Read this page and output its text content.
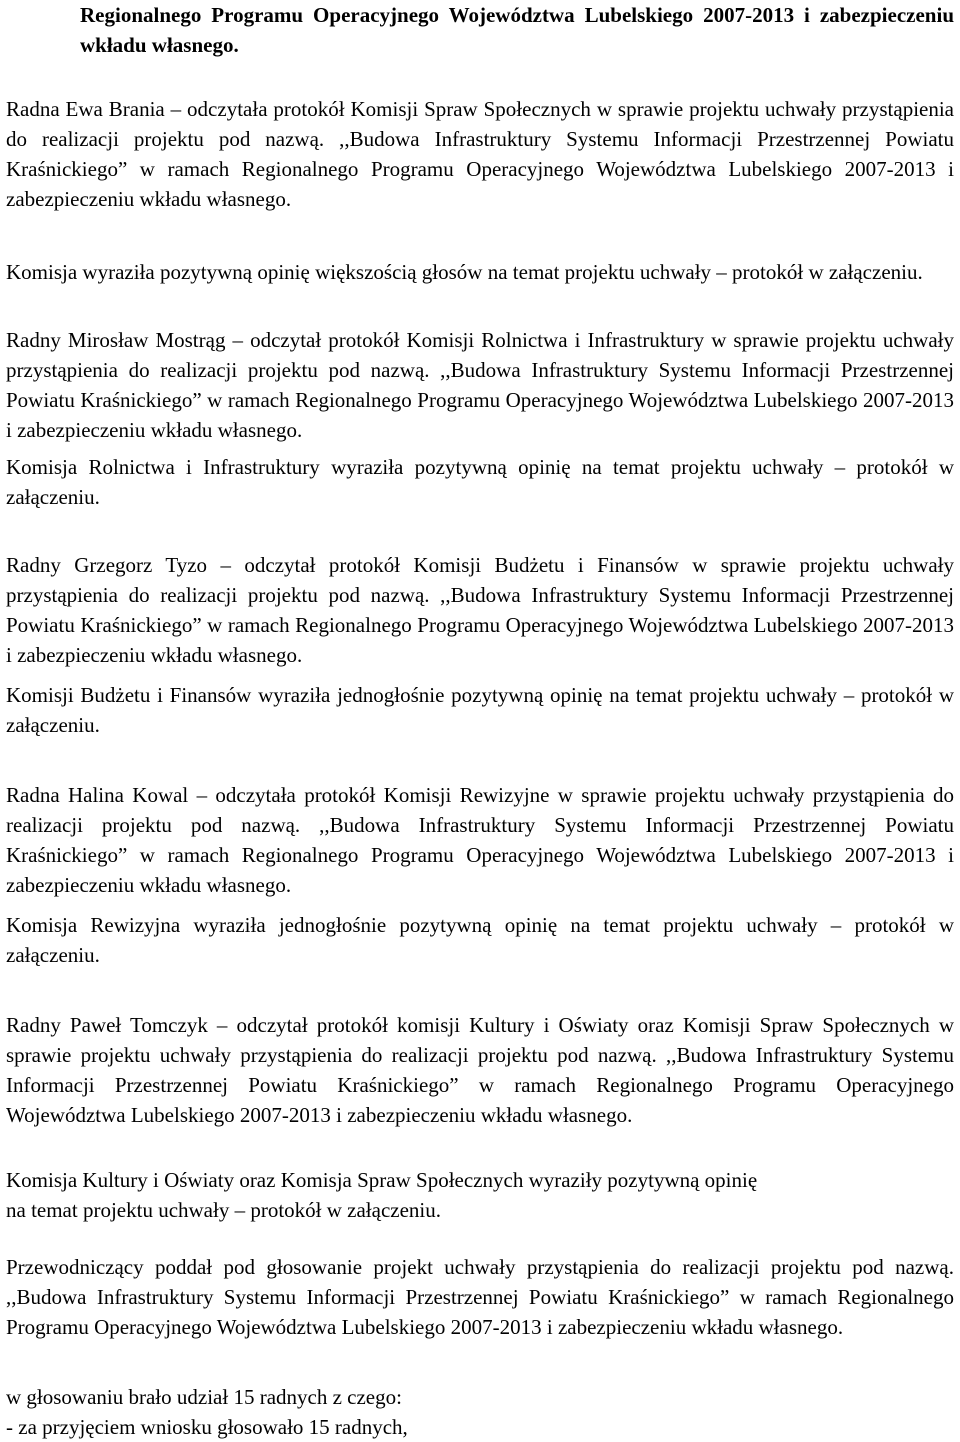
Regionalnego Programu Operacyjnego Województwa Lubelskiego 2007-2013 i zabezpieczeniu wkładu własnego.

Radna Ewa Brania – odczytała protokół Komisji Spraw Społecznych w sprawie projektu uchwały przystąpienia do realizacji projektu pod nazwą. ,,Budowa Infrastruktury Systemu Informacji Przestrzennej Powiatu Kraśnickiego” w ramach Regionalnego Programu Operacyjnego Województwa Lubelskiego 2007-2013 i zabezpieczeniu wkładu własnego.

Komisja wyraziła pozytywną opinię większością głosów na temat projektu uchwały – protokół w załączeniu.

Radny Mirosław Mostrąg – odczytał protokół Komisji Rolnictwa i Infrastruktury w sprawie projektu uchwały przystąpienia do realizacji projektu pod nazwą. ,,Budowa Infrastruktury Systemu Informacji Przestrzennej Powiatu Kraśnickiego” w ramach Regionalnego Programu Operacyjnego Województwa Lubelskiego 2007-2013 i zabezpieczeniu wkładu własnego.

Komisja Rolnictwa i Infrastruktury wyraziła pozytywną opinię na temat projektu uchwały – protokół w załączeniu.

Radny Grzegorz Tyzo – odczytał protokół Komisji Budżetu i Finansów w sprawie projektu uchwały przystąpienia do realizacji projektu pod nazwą. ,,Budowa Infrastruktury Systemu Informacji Przestrzennej Powiatu Kraśnickiego” w ramach Regionalnego Programu Operacyjnego Województwa Lubelskiego 2007-2013 i zabezpieczeniu wkładu własnego.

Komisji Budżetu i Finansów wyraziła jednogłośnie pozytywną opinię na temat projektu uchwały – protokół w załączeniu.

Radna Halina Kowal – odczytała protokół Komisji Rewizyjne w sprawie projektu uchwały przystąpienia do realizacji projektu pod nazwą. ,,Budowa Infrastruktury Systemu Informacji Przestrzennej Powiatu Kraśnickiego” w ramach Regionalnego Programu Operacyjnego Województwa Lubelskiego 2007-2013 i zabezpieczeniu wkładu własnego.

Komisja Rewizyjna wyraziła jednogłośnie pozytywną opinię na temat projektu uchwały – protokół w załączeniu.

Radny Paweł Tomczyk – odczytał protokół komisji Kultury i Oświaty oraz Komisji Spraw Społecznych w sprawie projektu uchwały przystąpienia do realizacji projektu pod nazwą. ,,Budowa Infrastruktury Systemu Informacji Przestrzennej Powiatu Kraśnickiego” w ramach Regionalnego Programu Operacyjnego Województwa Lubelskiego 2007-2013 i zabezpieczeniu wkładu własnego.

Komisja Kultury i Oświaty oraz Komisja Spraw Społecznych wyraziły pozytywną opinię
na temat projektu uchwały – protokół w załączeniu.

Przewodniczący poddał pod głosowanie projekt uchwały przystąpienia do realizacji projektu pod nazwą. ,,Budowa Infrastruktury Systemu Informacji Przestrzennej Powiatu Kraśnickiego” w ramach Regionalnego Programu Operacyjnego Województwa Lubelskiego 2007-2013 i zabezpieczeniu wkładu własnego.

w głosowaniu brało udział 15 radnych z czego:
- za przyjęciem wniosku głosowało 15 radnych,
